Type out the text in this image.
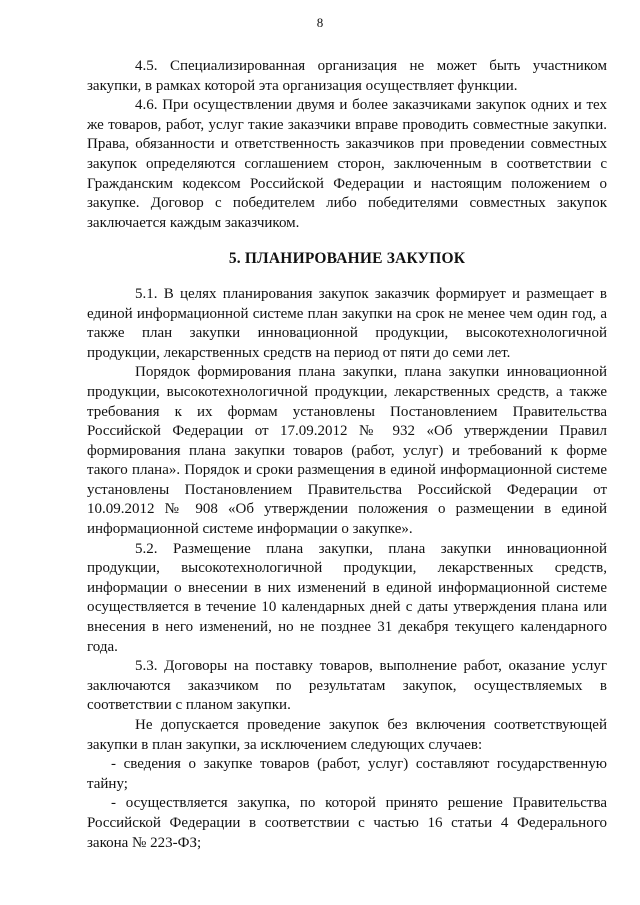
8

4.5. Специализированная организация не может быть участником закупки, в рамках которой эта организация осуществляет функции.

4.6. При осуществлении двумя и более заказчиками закупок одних и тех же товаров, работ, услуг такие заказчики вправе проводить совместные закупки. Права, обязанности и ответственность заказчиков при проведении совместных закупок определяются соглашением сторон, заключенным в соответствии с Гражданским кодексом Российской Федерации и настоящим положением о закупке. Договор с победителем либо победителями совместных закупок заключается каждым заказчиком.

5. ПЛАНИРОВАНИЕ ЗАКУПОК

5.1. В целях планирования закупок заказчик формирует и размещает в единой информационной системе план закупки на срок не менее чем один год, а также план закупки инновационной продукции, высокотехнологичной продукции, лекарственных средств на период от пяти до семи лет.

Порядок формирования плана закупки, плана закупки инновационной продукции, высокотехнологичной продукции, лекарственных средств, а также требования к их формам установлены Постановлением Правительства Российской Федерации от 17.09.2012 № 932 «Об утверждении Правил формирования плана закупки товаров (работ, услуг) и требований к форме такого плана». Порядок и сроки размещения в единой информационной системе установлены Постановлением Правительства Российской Федерации от 10.09.2012 № 908 «Об утверждении положения о размещении в единой информационной системе информации о закупке».

5.2. Размещение плана закупки, плана закупки инновационной продукции, высокотехнологичной продукции, лекарственных средств, информации о внесении в них изменений в единой информационной системе осуществляется в течение 10 календарных дней с даты утверждения плана или внесения в него изменений, но не позднее 31 декабря текущего календарного года.

5.3. Договоры на поставку товаров, выполнение работ, оказание услуг заключаются заказчиком по результатам закупок, осуществляемых в соответствии с планом закупки.

Не допускается проведение закупок без включения соответствующей закупки в план закупки, за исключением следующих случаев:

- сведения о закупке товаров (работ, услуг) составляют государственную тайну;

- осуществляется закупка, по которой принято решение Правительства Российской Федерации в соответствии с частью 16 статьи 4 Федерального закона № 223-ФЗ;
